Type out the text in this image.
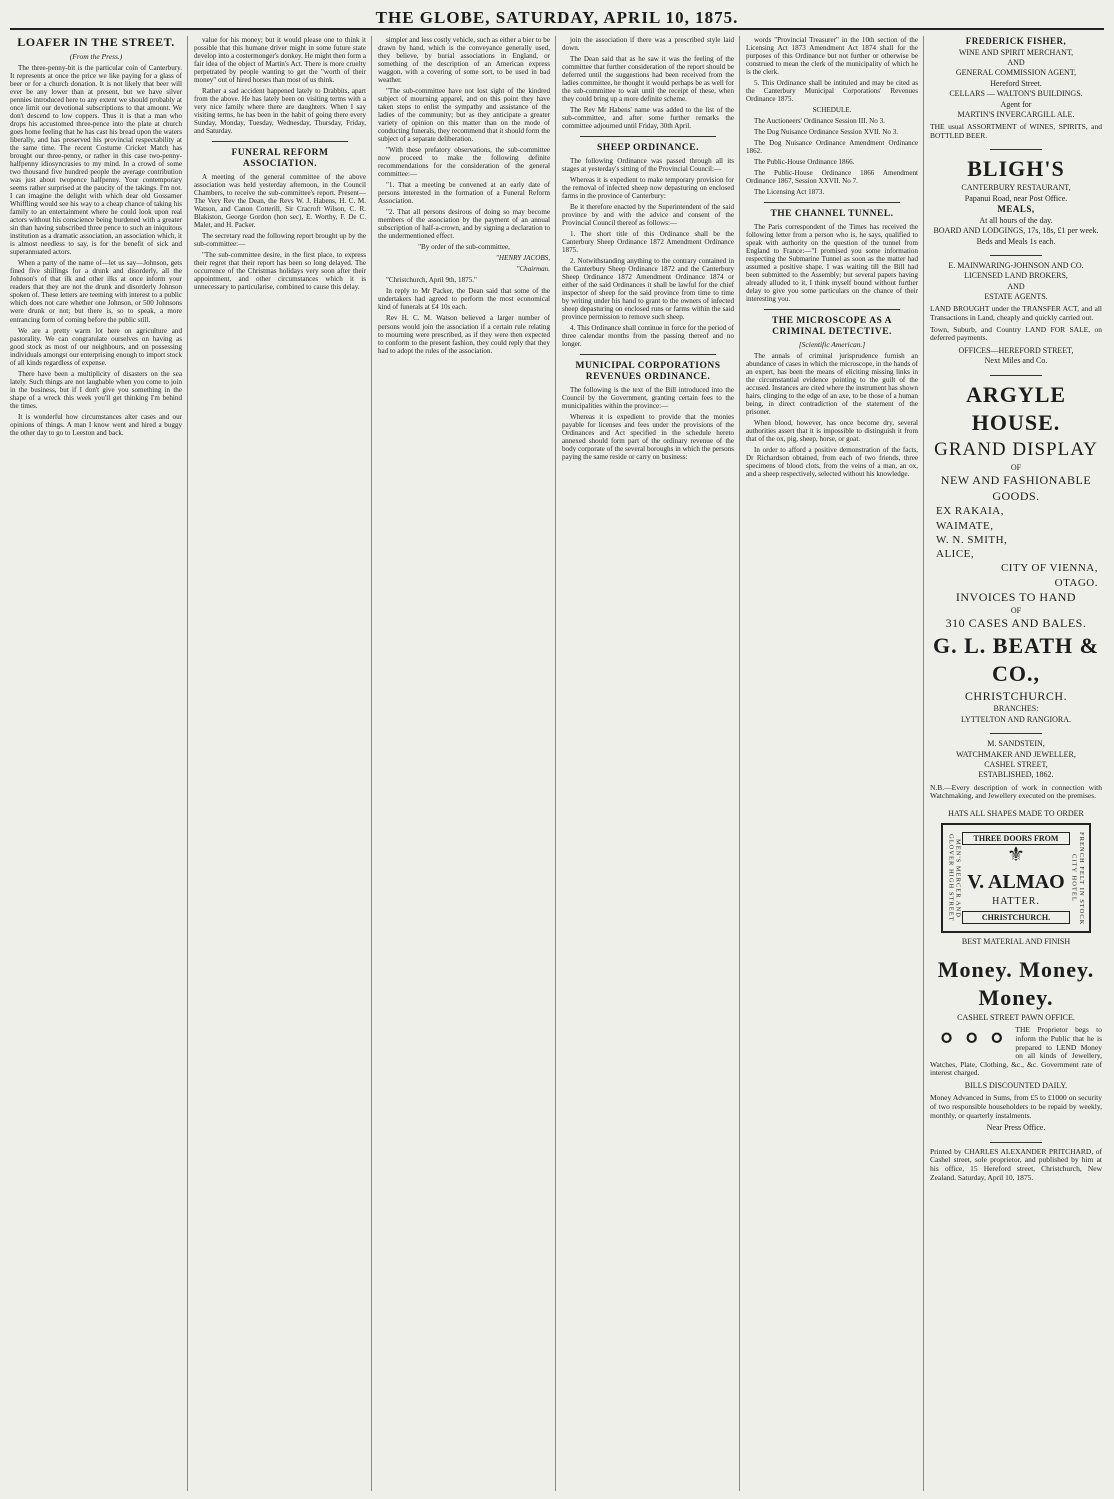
THE GLOBE, SATURDAY, APRIL 10, 1875.

LOAFER IN THE STREET.

(From the Press.)

The three-penny-bit is the particular coin of Canterbury. It represents at once the price we like paying for a glass of beer or for a church donation. It is not likely that beer will ever be any lower than at present, but we have silver pennies introduced here to any extent we should probably at once limit our devotional subscriptions to that amount. We don't descend to low coppers. Thus it is that a man who drops his accustomed three-pence into the plate at church goes home feeling that he has cast his bread upon the waters liberally, and has preserved his provincial respectability at the same time. The recent Costume Cricket Match has brought our three-penny, or rather in this case two-penny-halfpenny idiosyncrasies to my mind. In a crowd of some two thousand five hundred people the average contribution was just about twopence halfpenny. Your contemporary seems rather surprised at the paucity of the takings. I'm not. I can imagine the delight with which dear old Gossamer Whiffling would see his way to a cheap chance of taking his family to an entertainment where he could look upon real actors without his conscience being burdened with a greater sin than having subscribed three pence to such an iniquitous institution as a dramatic association, an association which, it is almost needless to say, is for the benefit of sick and superannuated actors.

When a party of the name of—let us say—Johnson, gets fined five shillings for a drunk and disorderly, all the Johnson's of that ilk and other ilks at once inform your readers that they are not the drunk and disorderly Johnson spoken of. These letters are teeming with interest to a public which does not care whether one Johnson, or 500 Johnsons were drunk or not; but there is, so to speak, a more entrancing form of coming before the public still.

We are a pretty warm lot here on agriculture and pastorality. We can congratulate ourselves on having as good stock as most of our neighbours, and on possessing individuals amongst our enterprising enough to import stock of all kinds regardless of expense.

There have been a multiplicity of disasters on the sea lately. Such things are not laughable when you come to join in the business, but if I don't give you something in the shape of a wreck this week you'll get thinking I'm behind the times.

It is wonderful how circumstances alter cases and our opinions of things. A man I know went and hired a buggy the other day to go to Leeston and back.

value for his money; but it would please one to think it possible that this humane driver might in some future state develop into a costermonger's donkey. He might then form a fair idea of the object of Martin's Act. There is more cruelty perpetrated by people wanting to get the "worth of their money" out of hired horses than most of us think.

Rather a sad accident happened lately to Drabbits, apart from the above. He has lately been on visiting terms with a very nice family where there are daughters. When I say visiting terms, he has been in the habit of going there every Sunday, Monday, Tuesday, Wednesday, Thursday, Friday, and Saturday.

FUNERAL REFORM ASSOCIATION.

A meeting of the general committee of the above association was held yesterday afternoon, in the Council Chambers, to receive the sub-committee's report. Present—The Very Rev the Dean, the Revs W. J. Habens, H. C. M. Watson, and Canon Cotterill, Sir Cracroft Wilson, C. R. Blakiston, George Gordon (hon sec), E. Worthy, F. De C. Malet, and H. Packer.

The secretary read the following report brought up by the sub-committee:—

"The sub-committee desire, in the first place, to express their regret that their report has been so long delayed. The occurrence of the Christmas holidays very soon after their appointment, and other circumstances which it is unnecessary to particularise, combined to cause this delay.

simpler and less costly vehicle, such as either a bier to be drawn by hand, which is the conveyance generally used, they believe, by burial associations in England, or something of the description of an American express waggon, with a covering of some sort, to be used in bad weather.

"The sub-committee have not lost sight of the kindred subject of mourning apparel, and on this point they have taken steps to enlist the sympathy and assistance of the ladies of the community; but as they anticipate a greater variety of opinion on this matter than on the mode of conducting funerals, they recommend that it should form the subject of a separate deliberation.

"With these prefatory observations, the sub-committee now proceed to make the following definite recommendations for the consideration of the general committee:—

"1. That a meeting be convened at an early date of persons interested in the formation of a Funeral Reform Association.

"2. That all persons desirous of doing so may become members of the association by the payment of an annual subscription of half-a-crown, and by signing a declaration to the undermentioned effect.

"By order of the sub-committee,

"HENRY JACOBS,

"Chairman.

"Christchurch, April 9th, 1875."

In reply to Mr Packer, the Dean said that some of the undertakers had agreed to perform the most economical kind of funerals at £4 10s each.

Rev H. C. M. Watson believed a larger number of persons would join the association if a certain rule relating to mourning were prescribed, as if they were then expected to conform to the present fashion, they could reply that they had to adopt the rules of the association.

join the association if there was a prescribed style laid down.

The Dean said that as he saw it was the feeling of the committee that further consideration of the report should be deferred until the suggestions had been received from the ladies committee, he thought it would perhaps be as well for the sub-committee to wait until the receipt of these, when they could bring up a more definite scheme.

The Rev Mr Habens' name was added to the list of the sub-committee, and after some further remarks the committee adjourned until Friday, 30th April.

SHEEP ORDINANCE.

The following Ordinance was passed through all its stages at yesterday's sitting of the Provincial Council:—

Whereas it is expedient to make temporary provision for the removal of infected sheep now depasturing on enclosed farms in the province of Canterbury:

Be it therefore enacted by the Superintendent of the said province by and with the advice and consent of the Provincial Council thereof as follows:—

1. The short title of this Ordinance shall be the Canterbury Sheep Ordinance 1872 Amendment Ordinance 1875.

2. Notwithstanding anything to the contrary contained in the Canterbury Sheep Ordinance 1872 and the Canterbury Sheep Ordinance 1872 Amendment Ordinance 1874 or either of the said Ordinances it shall be lawful for the chief inspector of sheep for the said province from time to time by writing under his hand to grant to the owners of infected sheep depasturing on enclosed runs or farms within the said province permission to remove such sheep.

4. This Ordinance shall continue in force for the period of three calendar months from the passing thereof and no longer.

MUNICIPAL CORPORATIONS REVENUES ORDINANCE.

The following is the text of the Bill introduced into the Council by the Government, granting certain fees to the municipalities within the province:—

Whereas it is expedient to provide that the monies payable for licenses and fees under the provisions of the Ordinances and Act specified in the schedule hereto annexed should form part of the ordinary revenue of the body corporate of the several boroughs in which the persons paying the same reside or carry on business:

words "Provincial Treasurer" in the 10th section of the Licensing Act 1873 Amendment Act 1874 shall for the purposes of this Ordinance but not further or otherwise be construed to mean the clerk of the municipality of which he is the clerk.

5. This Ordinance shall be intituled and may be cited as the Canterbury Municipal Corporations' Revenues Ordinance 1875.

SCHEDULE.

The Auctioneers' Ordinance Session III. No 3.

The Dog Nuisance Ordinance Session XVII. No 3.

The Dog Nuisance Ordinance Amendment Ordinance 1862.

The Public-House Ordinance 1866.

The Public-House Ordinance 1866 Amendment Ordinance 1867, Session XXVII. No 7.

The Licensing Act 1873.

THE CHANNEL TUNNEL.

The Paris correspondent of the Times has received the following letter from a person who is, he says, qualified to speak with authority on the question of the tunnel from England to France:—"I promised you some information respecting the Submarine Tunnel as soon as the matter had assumed a positive shape. I was waiting till the Bill had been submitted to the Assembly; but several papers having already alluded to it, I think myself bound without further delay to give you some particulars on the chance of their interesting you.

THE MICROSCOPE AS A CRIMINAL DETECTIVE.

[Scientific American.]

The annals of criminal jurisprudence furnish an abundance of cases in which the microscope, in the hands of an expert, has been the means of eliciting missing links in the circumstantial evidence pointing to the guilt of the accused. Instances are cited where the instrument has shown hairs, clinging to the edge of an axe, to be those of a human being, in direct contradiction of the statement of the prisoner.

When blood, however, has once become dry, several authorities assert that it is impossible to distinguish it from that of the ox, pig, sheep, horse, or goat.

In order to afford a positive demonstration of the facts, Dr Richardson obtained, from each of two friends, three specimens of blood clots, from the veins of a man, an ox, and a sheep respectively, selected without his knowledge.

FREDERICK FISHER,
WINE AND SPIRIT MERCHANT,
AND
GENERAL COMMISSION AGENT,
Hereford Street.
CELLARS — WALTON'S BUILDINGS.
Agent for
MARTIN'S INVERCARGILL ALE.
THE usual ASSORTMENT of WINES, SPIRITS, and BOTTLED BEER.
BLIGH'S
CANTERBURY RESTAURANT,
Papanui Road, near Post Office.
MEALS,
At all hours of the day.
BOARD AND LODGINGS, 17s, 18s, £1 per week.
Beds and Meals 1s each.
E. MAINWARING-JOHNSON AND CO.
LICENSED LAND BROKERS,
AND
ESTATE AGENTS.
LAND BROUGHT under the TRANSFER ACT, and all Transactions in Land, cheaply and quickly carried out.
Town, Suburb, and Country LAND FOR SALE, on deferred payments.
OFFICES—HEREFORD STREET,
Next Miles and Co.
ARGYLE HOUSE.
GRAND DISPLAY
OF
NEW AND FASHIONABLE
GOODS.
EX RAKAIA,
WAIMATE,
W. N. SMITH,
ALICE,
CITY OF VIENNA,
OTAGO.
INVOICES TO HAND
OF
310 CASES AND BALES.
G. L. BEATH & CO.,
CHRISTCHURCH.
BRANCHES:
LYTTELTON AND RANGIORA.
M. SANDSTEIN,
WATCHMAKER AND JEWELLER,
CASHEL STREET,
ESTABLISHED, 1862.
N.B.—Every description of work in connection with Watchmaking, and Jewellery executed on the premises.
HATS ALL SHAPES MADE TO ORDER
MEN'S MERCER AND GLOVER HIGH STREET	THREE DOORS FROM
⚜
V. ALMAO
HATTER.
CHRISTCHURCH.	FRENCH FELT IN STOCK CITY HOTEL
BEST MATERIAL AND FINISH
Money. Money. Money.
CASHEL STREET PAWN OFFICE.
⚬⚬⚬ THE Proprietor begs to inform the Public that he is prepared to LEND Money on all kinds of Jewellery, Watches, Plate, Clothing, &c., &c. Government rate of interest charged.
BILLS DISCOUNTED DAILY.
Money Advanced in Sums, from £5 to £1000 on security of two responsible householders to be repaid by weekly, monthly, or quarterly instalments.
Near Press Office.
Printed by CHARLES ALEXANDER PRITCHARD, of Cashel street, sole proprietor, and published by him at his office, 15 Hereford street, Christchurch, New Zealand. Saturday, April 10, 1875.
